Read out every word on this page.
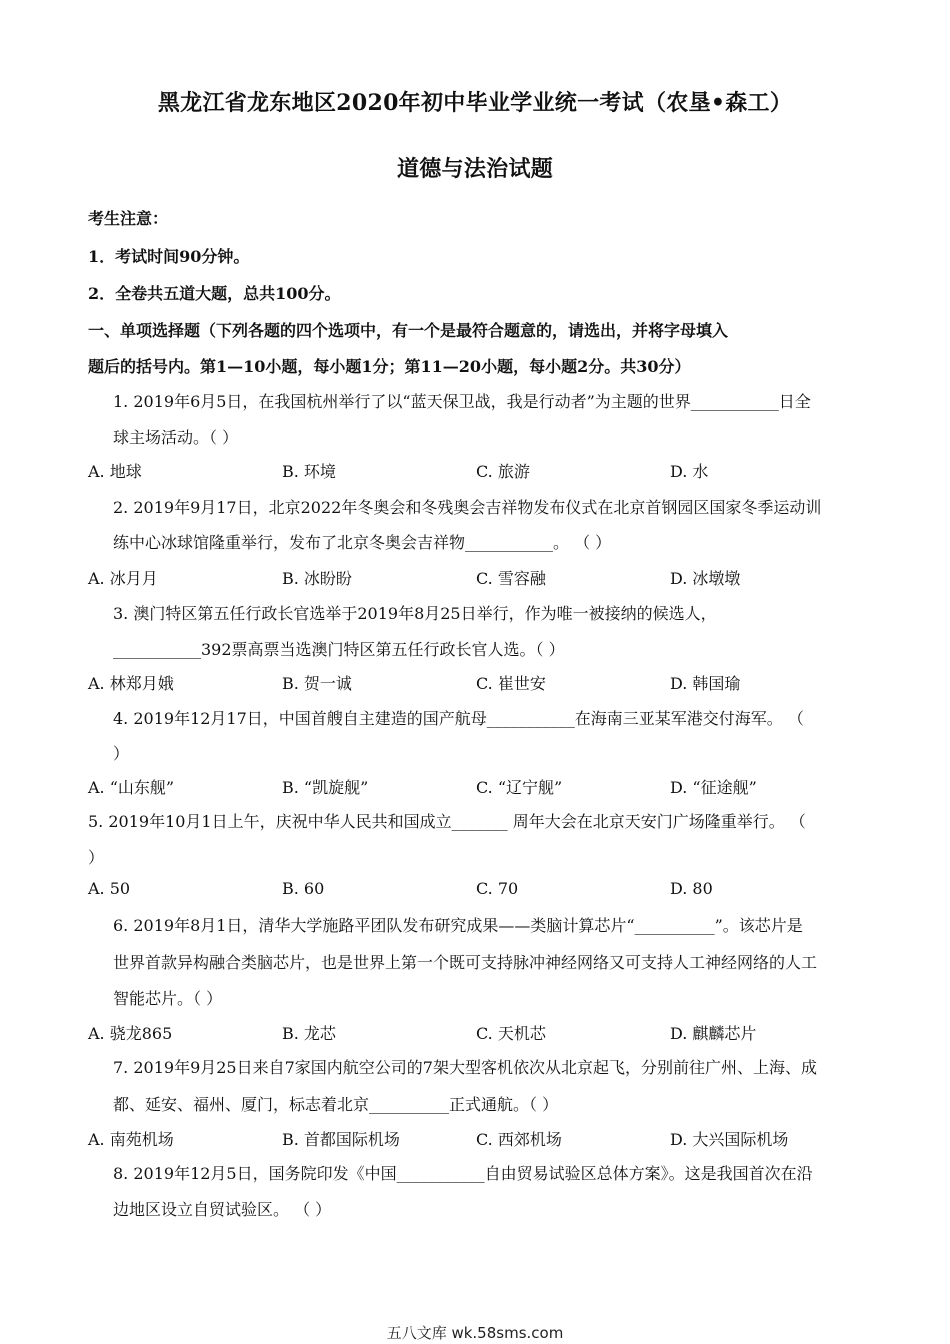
黑龙江省龙东地区2020年初中毕业学业统一考试（农垦•森工）
道德与法治试题
考生注意：
1．考试时间90分钟。
2．全卷共五道大题，总共100分。
一、单项选择题（下列各题的四个选项中，有一个是最符合题意的，请选出，并将字母填入
题后的括号内。第1—10小题，每小题1分；第11—20小题，每小题2分。共30分）
1. 2019年6月5日，在我国杭州举行了以“蓝天保卫战，我是行动者”为主题的世界___________日全
球主场活动。（ ）
A. 地球	B. 环境	C. 旅游	D. 水
2. 2019年9月17日，北京2022年冬奥会和冬残奥会吉祥物发布仪式在北京首钢园区国家冬季运动训
练中心冰球馆隆重举行，发布了北京冬奥会吉祥物___________。 （ ）
A. 冰月月	B. 冰盼盼	C. 雪容融	D. 冰墩墩
3. 澳门特区第五任行政长官选举于2019年8月25日举行，作为唯一被接纳的候选人，
___________392票高票当选澳门特区第五任行政长官人选。（ ）
A. 林郑月娥	B. 贺一诚	C. 崔世安	D. 韩国瑜
4. 2019年12月17日，中国首艘自主建造的国产航母___________在海南三亚某军港交付海军。 （
）
A. “山东舰”	B. “凯旋舰”	C. “辽宁舰”	D. “征途舰”
5. 2019年10月1日上午，庆祝中华人民共和国成立_______ 周年大会在北京天安门广场隆重举行。 （
）
A. 50	B. 60	C. 70	D. 80
6. 2019年8月1日，清华大学施路平团队发布研究成果——类脑计算芯片“__________”。该芯片是
世界首款异构融合类脑芯片，也是世界上第一个既可支持脉冲神经网络又可支持人工神经网络的人工
智能芯片。（ ）
A. 骁龙865	B. 龙芯	C. 天机芯	D. 麒麟芯片
7. 2019年9月25日来自7家国内航空公司的7架大型客机依次从北京起飞，分别前往广州、上海、成
都、延安、福州、厦门，标志着北京__________正式通航。（ ）
A. 南苑机场	B. 首都国际机场	C. 西郊机场	D. 大兴国际机场
8. 2019年12月5日，国务院印发《中国___________自由贸易试验区总体方案》。这是我国首次在沿
边地区设立自贸试验区。 （ ）
五八文库 wk.58sms.com
